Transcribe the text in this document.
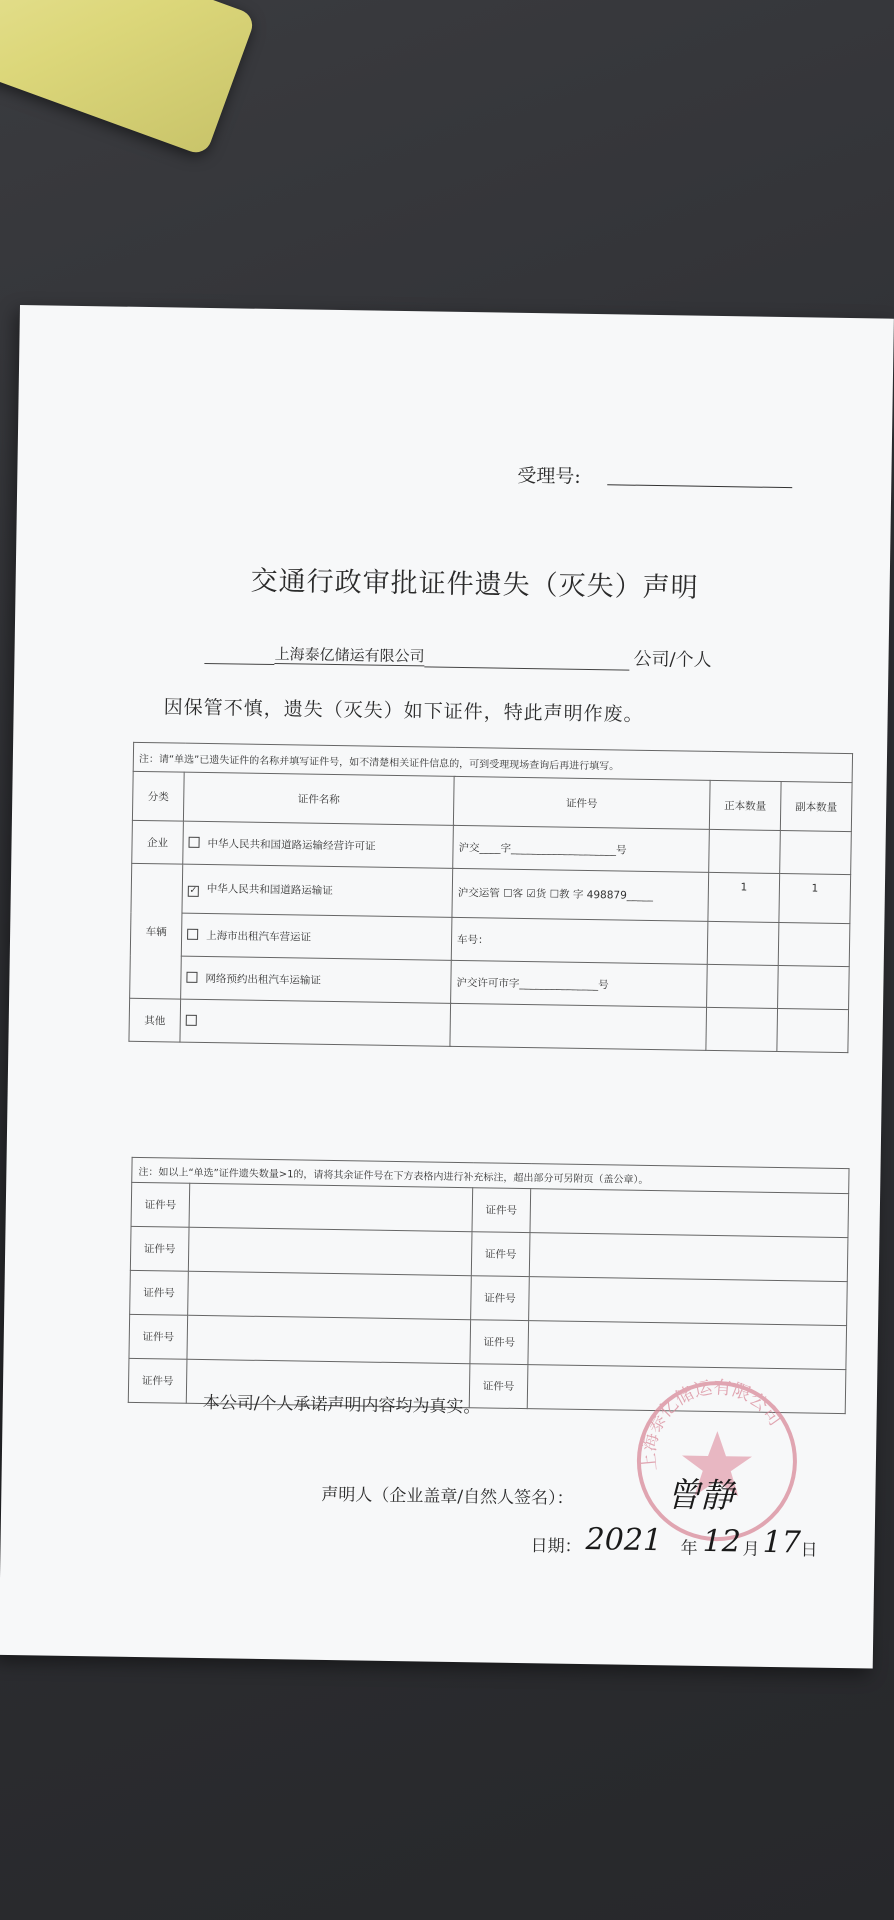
受理号:
交通行政审批证件遗失（灭失）声明
上海泰亿储运有限公司	公司/个人
因保管不慎，遗失（灭失）如下证件，特此声明作废。
注：请“单选”已遗失证件的名称并填写证件号，如不清楚相关证件信息的，可到受理现场查询后再进行填写。				
分类	证件名称	证件号	正本数量	副本数量
企业	中华人民共和国道路运输经营许可证	沪交____字____________________号		
车辆	✓ 中华人民共和国道路运输证	沪交运管 ☐客 ☑货 ☐教 字 498879_____	1	1
	上海市出租汽车营运证	车号：		
	网络预约出租汽车运输证	沪交许可市字_______________号		
其他				
注：如以上“单选”证件遗失数量>1的，请将其余证件号在下方表格内进行补充标注，超出部分可另附页（盖公章）。			
证件号		证件号	
证件号		证件号	
证件号		证件号	
证件号		证件号	
证件号		证件号	
本公司/个人承诺声明内容均为真实。
上海泰亿储运有限公司
声明人（企业盖章/自然人签名）：	曾静
日期： 2021 年 12 月 17 日
